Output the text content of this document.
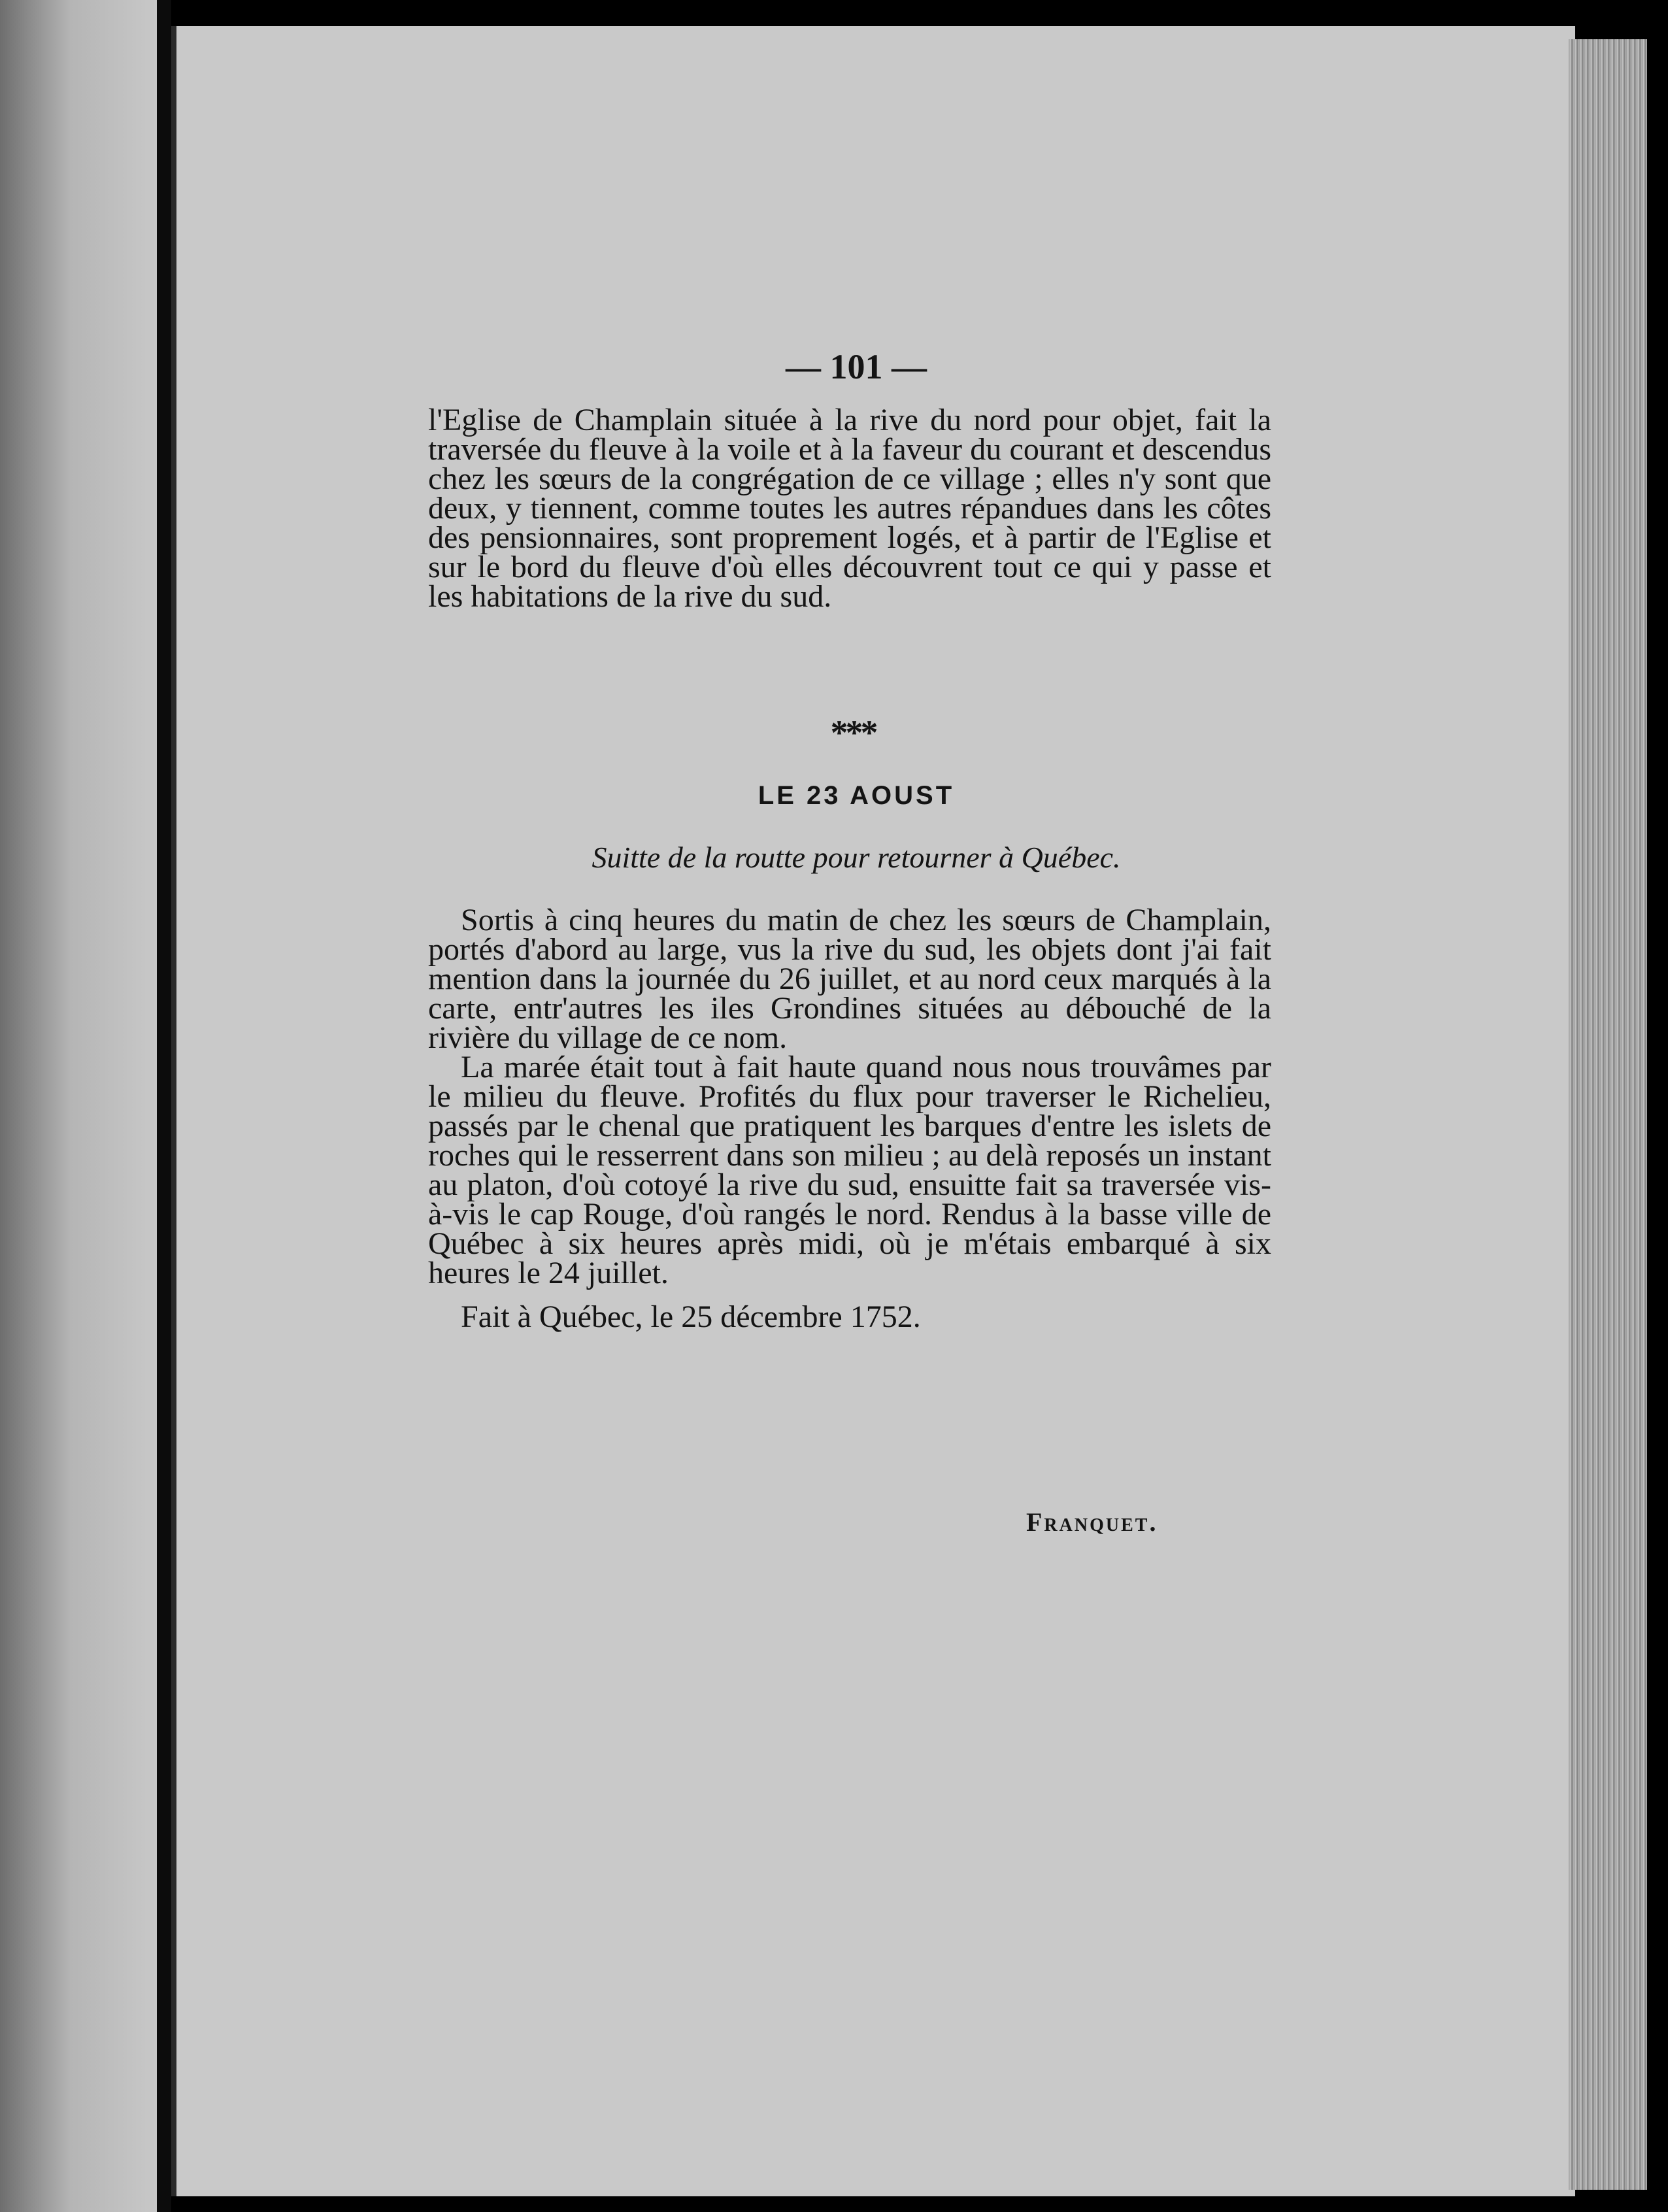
— 101 —

l'Eglise de Champlain située à la rive du nord pour objet, fait la traversée du fleuve à la voile et à la faveur du courant et descendus chez les sœurs de la congrégation de ce village ; elles n'y sont que deux, y tiennent, comme toutes les autres répandues dans les côtes des pensionnaires, sont proprement logés, et à partir de l'Eglise et sur le bord du fleuve d'où elles découvrent tout ce qui y passe et les habitations de la rive du sud.

***
LE 23 AOUST
Suitte de la routte pour retourner à Québec.

Sortis à cinq heures du matin de chez les sœurs de Champlain, portés d'abord au large, vus la rive du sud, les objets dont j'ai fait mention dans la journée du 26 juillet, et au nord ceux marqués à la carte, entr'autres les iles Grondines situées au débouché de la rivière du village de ce nom.

La marée était tout à fait haute quand nous nous trouvâmes par le milieu du fleuve. Profités du flux pour traverser le Richelieu, passés par le chenal que pratiquent les barques d'entre les islets de roches qui le resserrent dans son milieu ; au delà reposés un instant au platon, d'où cotoyé la rive du sud, ensuitte fait sa traversée vis-à-vis le cap Rouge, d'où rangés le nord. Rendus à la basse ville de Québec à six heures après midi, où je m'étais embarqué à six heures le 24 juillet.

Fait à Québec, le 25 décembre 1752.

Franquet.
